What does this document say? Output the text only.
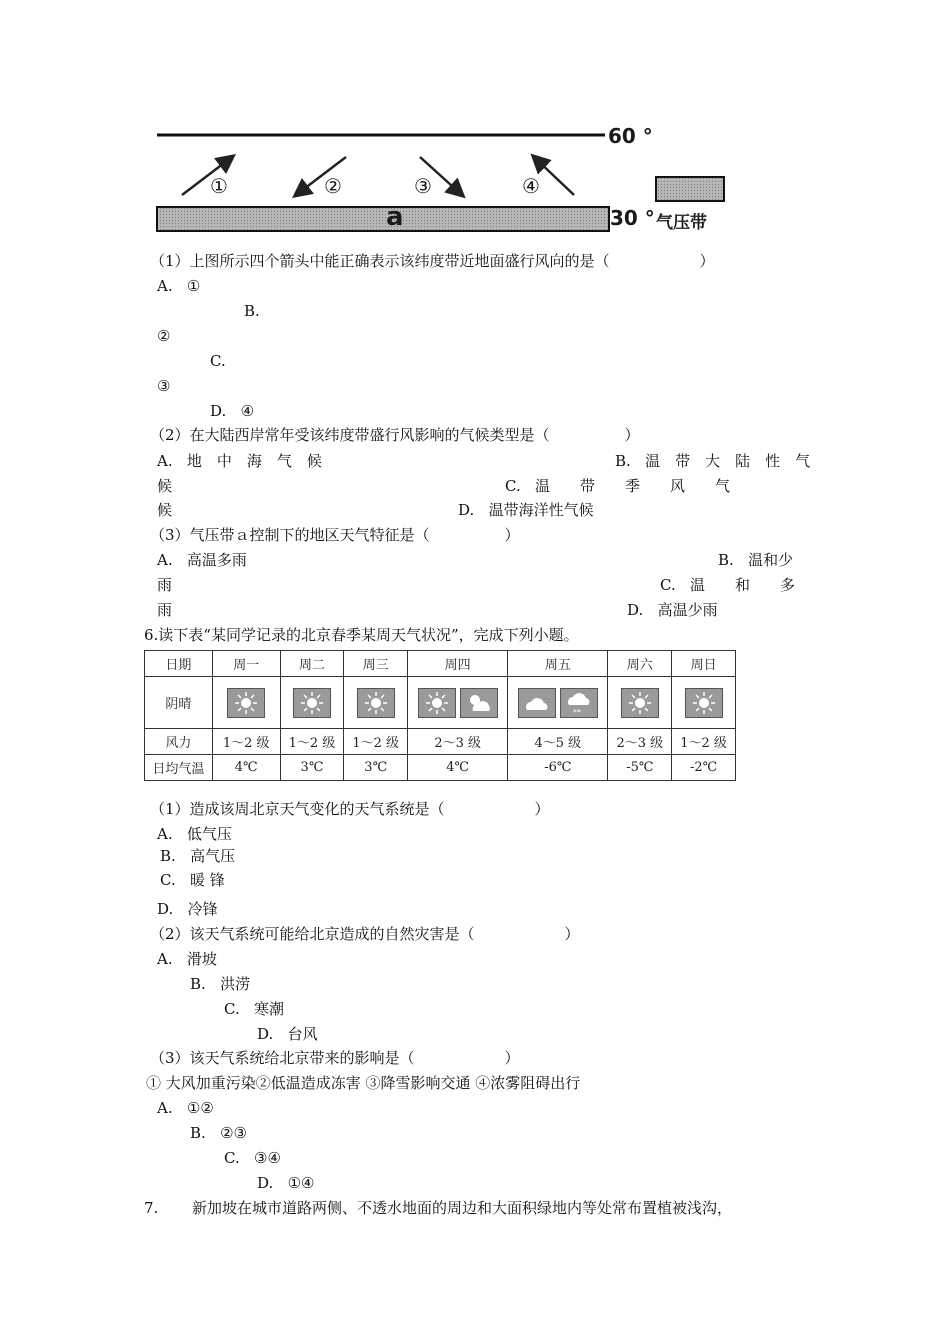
60 °
30 °
a
①	②	③	④
气压带
（1）上图所示四个箭头中能正确表示该纬度带近地面盛行风向的是（　　　　　　）
A. ①
B.
②
C.
③
D. ④
（2）在大陆西岸常年受该纬度带盛行风影响的气候类型是（　　　　　）
A. 地　中　海　气　候	B. 温　带　大　陆　性　气
候	C. 温　　带　　季　　风　　气
候	D. 温带海洋性气候
（3）气压带ａ控制下的地区天气特征是（　　　　　）
A. 高温多雨	B. 温和少
雨	C. 温　　和　　多
雨	D. 高温少雨
6.读下表“某同学记录的北京春季某周天气状况”，完成下列小题。
日期	周一	周二	周三	周四	周五	周六	周日
阴晴					**

风力	1～2 级	1～2 级	1～2 级	2～3 级	4～5 级	2～3 级	1～2 级
日均气温	4℃	3℃	3℃	4℃	-6℃	-5℃	-2℃
（1）造成该周北京天气变化的天气系统是（　　　　　　）
A. 低气压
B. 高气压
C. 暖 锋
D. 冷锋
（2）该天气系统可能给北京造成的自然灾害是（　　　　　　）
A. 滑坡
B. 洪涝
C. 寒潮
D. 台风
（3）该天气系统给北京带来的影响是（　　　　　　）
① 大风加重污染②低温造成冻害 ③降雪影响交通 ④浓雾阻碍出行
A. ①②
B. ②③
C. ③④
D. ①④
7. 新加坡在城市道路两侧、不透水地面的周边和大面积绿地内等处常布置植被浅沟，
